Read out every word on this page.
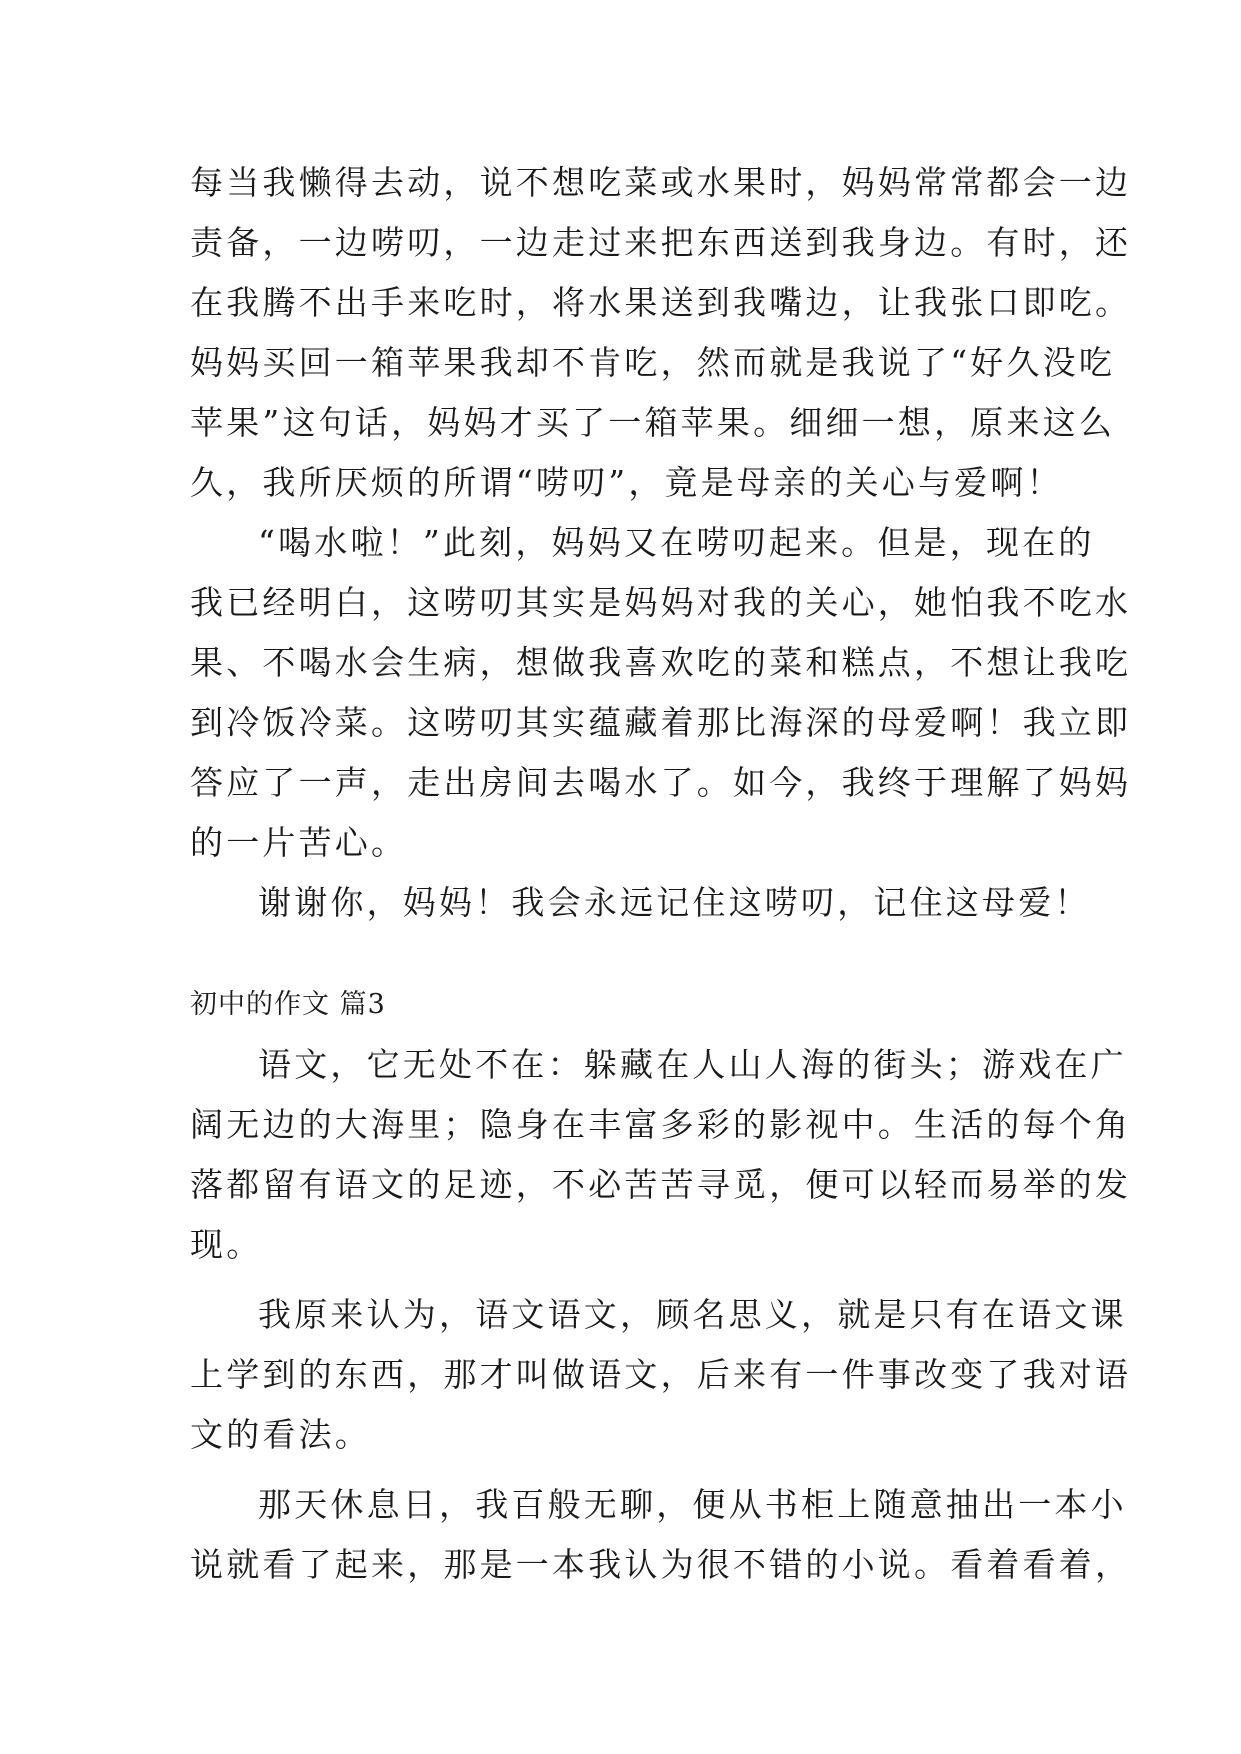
每当我懒得去动，说不想吃菜或水果时，妈妈常常都会一边
责备，一边唠叨，一边走过来把东西送到我身边。有时，还
在我腾不出手来吃时，将水果送到我嘴边，让我张口即吃。
妈妈买回一箱苹果我却不肯吃，然而就是我说了“好久没吃
苹果”这句话，妈妈才买了一箱苹果。细细一想，原来这么
久，我所厌烦的所谓“唠叨”，竟是母亲的关心与爱啊！
“喝水啦！”此刻，妈妈又在唠叨起来。但是，现在的
我已经明白，这唠叨其实是妈妈对我的关心，她怕我不吃水
果、不喝水会生病，想做我喜欢吃的菜和糕点，不想让我吃
到冷饭冷菜。这唠叨其实蕴藏着那比海深的母爱啊！我立即
答应了一声，走出房间去喝水了。如今，我终于理解了妈妈
的一片苦心。
谢谢你，妈妈！我会永远记住这唠叨，记住这母爱！
初中的作文 篇3
语文，它无处不在：躲藏在人山人海的街头；游戏在广
阔无边的大海里；隐身在丰富多彩的影视中。生活的每个角
落都留有语文的足迹，不必苦苦寻觅，便可以轻而易举的发
现。
我原来认为，语文语文，顾名思义，就是只有在语文课
上学到的东西，那才叫做语文，后来有一件事改变了我对语
文的看法。
那天休息日，我百般无聊，便从书柜上随意抽出一本小
说就看了起来，那是一本我认为很不错的小说。看着看着，
